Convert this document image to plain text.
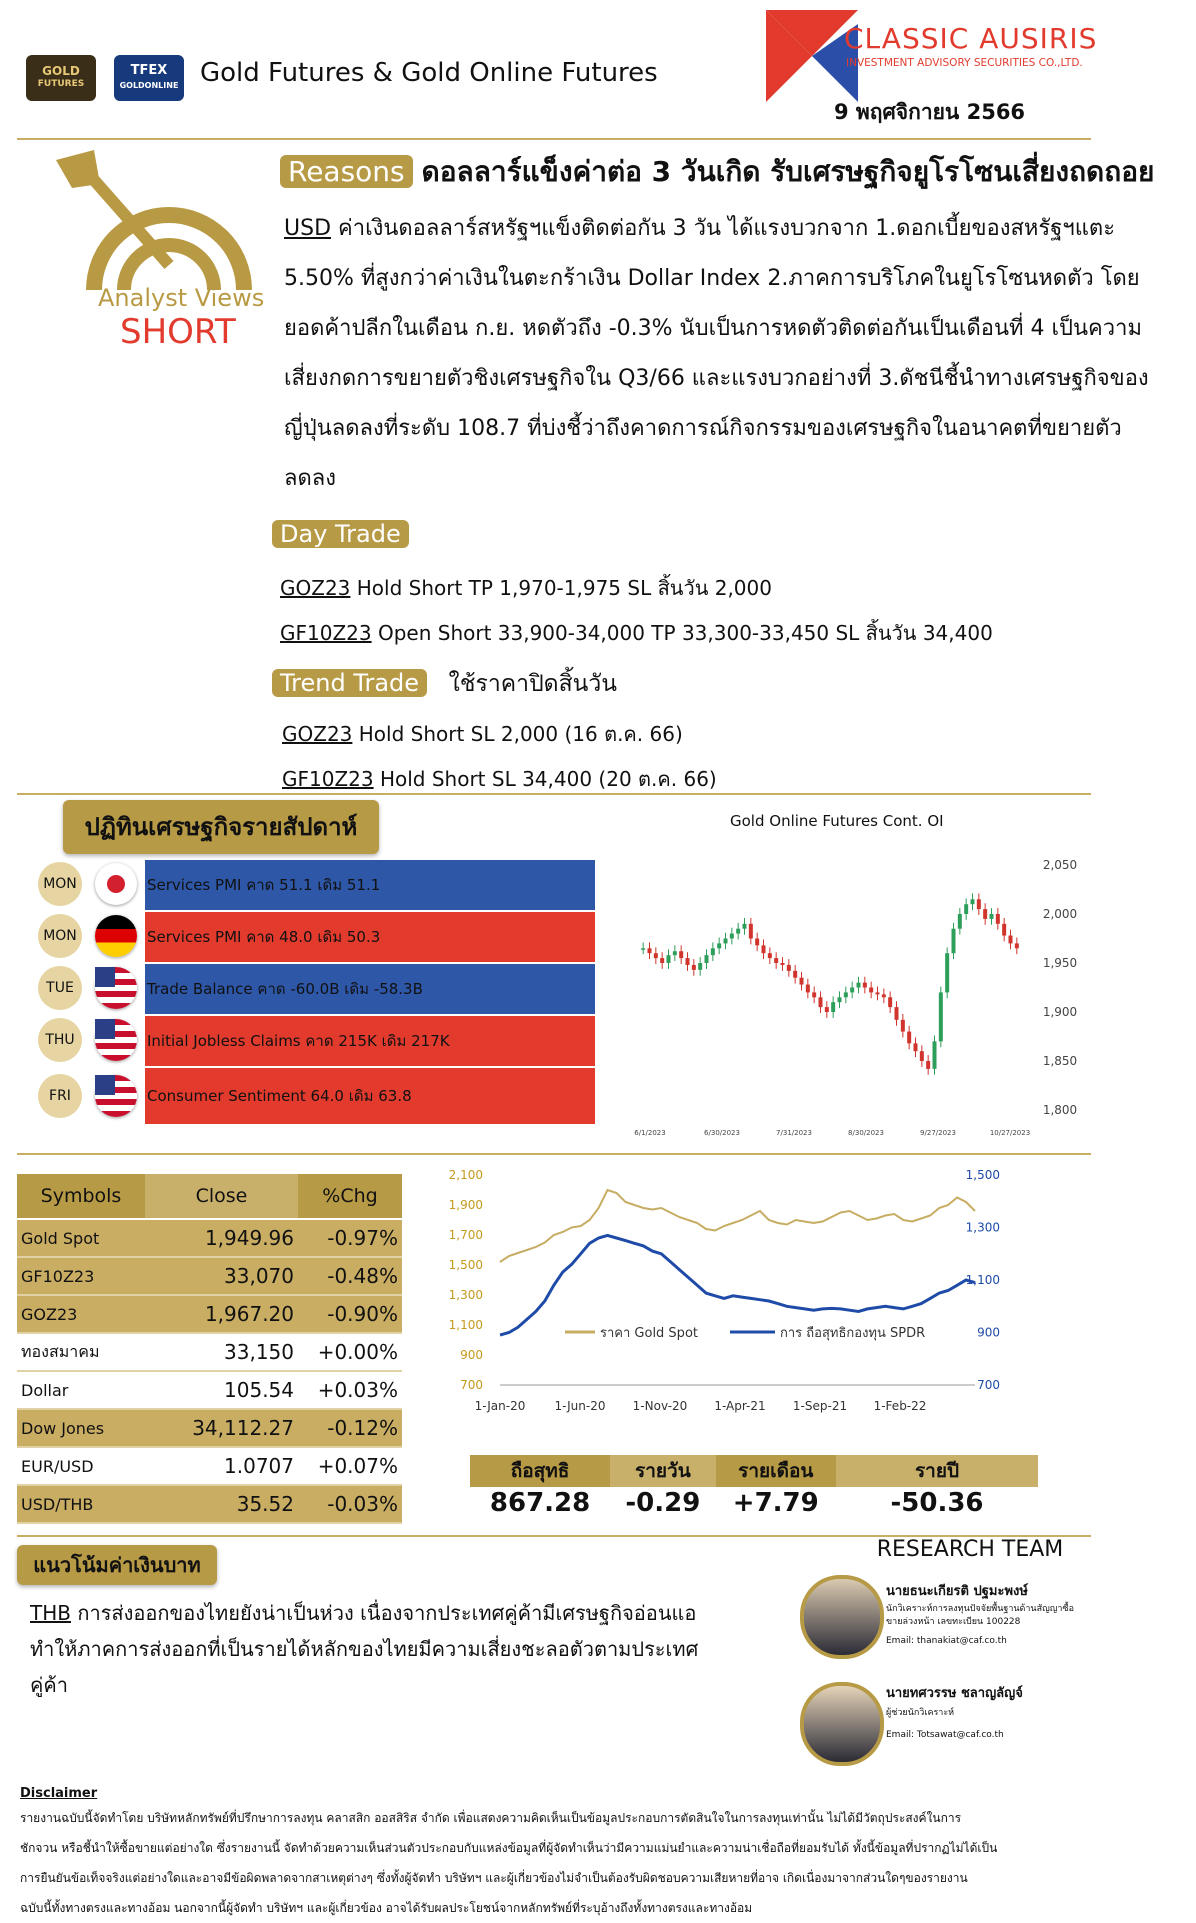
GOLD
FUTURES
TFEX
GOLDONLINE Gold Futures & Gold Online Futures
CLASSIC AUSIRIS
INVESTMENT ADVISORY SECURITIES CO.,LTD.
9 พฤศจิกายน 2566
Analyst Views
SHORT
Reasons ดอลลาร์แข็งค่าต่อ 3 วันเกิด รับเศรษฐกิจยูโรโซนเสี่ยงถดถอย
USD ค่าเงินดอลลาร์สหรัฐฯแข็งติดต่อกัน 3 วัน ได้แรงบวกจาก 1.ดอกเบี้ยของสหรัฐฯแตะ
5.50% ที่สูงกว่าค่าเงินในตะกร้าเงิน Dollar Index 2.ภาคการบริโภคในยูโรโซนหดตัว โดย
ยอดค้าปลีกในเดือน ก.ย. หดตัวถึง -0.3% นับเป็นการหดตัวติดต่อกันเป็นเดือนที่ 4 เป็นความ
เสี่ยงกดการขยายตัวชิงเศรษฐกิจใน Q3/66 และแรงบวกอย่างที่ 3.ดัชนีชี้นำทางเศรษฐกิจของ
ญี่ปุ่นลดลงที่ระดับ 108.7 ที่บ่งชี้ว่าถึงคาดการณ์กิจกรรมของเศรษฐกิจในอนาคตที่ขยายตัว
ลดลง
Day Trade
GOZ23 Hold Short TP 1,970-1,975 SL สิ้นวัน 2,000
GF10Z23 Open Short 33,900-34,000 TP 33,300-33,450 SL สิ้นวัน 34,400
Trend Trade ใช้ราคาปิดสิ้นวัน
GOZ23 Hold Short SL 2,000 (16 ต.ค. 66)
GF10Z23 Hold Short SL 34,400 (20 ต.ค. 66)
ปฏิทินเศรษฐกิจรายสัปดาห์
MON	Services PMI คาด 51.1 เดิม 51.1
MON	Services PMI คาด 48.0 เดิม 50.3
TUE	Trade Balance คาด -60.0B เดิม -58.3B
THU	Initial Jobless Claims คาด 215K เดิม 217K
FRI	Consumer Sentiment 64.0 เดิม 63.8
Gold Online Futures Cont. OI
2,050
2,000
1,950
1,900
1,850
1,800
6/1/2023	6/30/2023	7/31/2023	8/30/2023	9/27/2023	10/27/2023
Symbols	Close	%Chg
Gold Spot	1,949.96	-0.97%
GF10Z23	33,070	-0.48%
GOZ23	1,967.20	-0.90%
ทองสมาคม	33,150	+0.00%
Dollar	105.54	+0.03%
Dow Jones	34,112.27	-0.12%
EUR/USD	1.0707	+0.07%
USD/THB	35.52	-0.03%
2,100
1,900
1,700
1,500
1,300
1,100
900
700
1,500
1,300
1,100
900
700
1-Jan-20 1-Jun-20 1-Nov-20 1-Apr-21 1-Sep-21 1-Feb-22
ราคา Gold Spot	การ ถือสุทธิกองทุน SPDR
ถือสุทธิ	รายวัน	รายเดือน	รายปี
867.28	-0.29	+7.79	-50.36
แนวโน้มค่าเงินบาท
THB การส่งออกของไทยยังน่าเป็นห่วง เนื่องจากประเทศคู่ค้ามีเศรษฐกิจอ่อนแอ
ทำให้ภาคการส่งออกที่เป็นรายได้หลักของไทยมีความเสี่ยงชะลอตัวตามประเทศ
คู่ค้า
RESEARCH TEAM
นายธนะเกียรติ ปฐมะพงษ์
นักวิเคราะห์การลงทุนปัจจัยพื้นฐานด้านสัญญาซื้อขายล่วงหน้า เลขทะเบียน 100228
Email: thanakiat@caf.co.th
นายทศวรรษ ชลาญลัญจ์
ผู้ช่วยนักวิเคราะห์
Email: Totsawat@caf.co.th
Disclaimer
รายงานฉบับนี้จัดทำโดย บริษัทหลักทรัพย์ที่ปรึกษาการลงทุน คลาสสิก ออสสิริส จำกัด เพื่อแสดงความคิดเห็นเป็นข้อมูลประกอบการตัดสินใจในการลงทุนเท่านั้น ไม่ได้มีวัตถุประสงค์ในการ
ชักจวน หรือชี้นำให้ซื้อขายแต่อย่างใด ซึ่งรายงานนี้ จัดทำด้วยความเห็นส่วนตัวประกอบกับแหล่งข้อมูลที่ผู้จัดทำเห็นว่ามีความแม่นยำและความน่าเชื่อถือที่ยอมรับได้ ทั้งนี้ข้อมูลที่ปรากฏไม่ได้เป็น
การยืนยันข้อเท็จจริงแต่อย่างใดและอาจมีข้อผิดพลาดจากสาเหตุต่างๆ ซึ่งทั้งผู้จัดทำ บริษัทฯ และผู้เกี่ยวข้องไม่จำเป็นต้องรับผิดชอบความเสียหายที่อาจ เกิดเนื่องมาจากส่วนใดๆของรายงาน
ฉบับนี้ทั้งทางตรงและทางอ้อม นอกจากนี้ผู้จัดทำ บริษัทฯ และผู้เกี่ยวข้อง อาจได้รับผลประโยชน์จากหลักทรัพย์ที่ระบุอ้างถึงทั้งทางตรงและทางอ้อม
